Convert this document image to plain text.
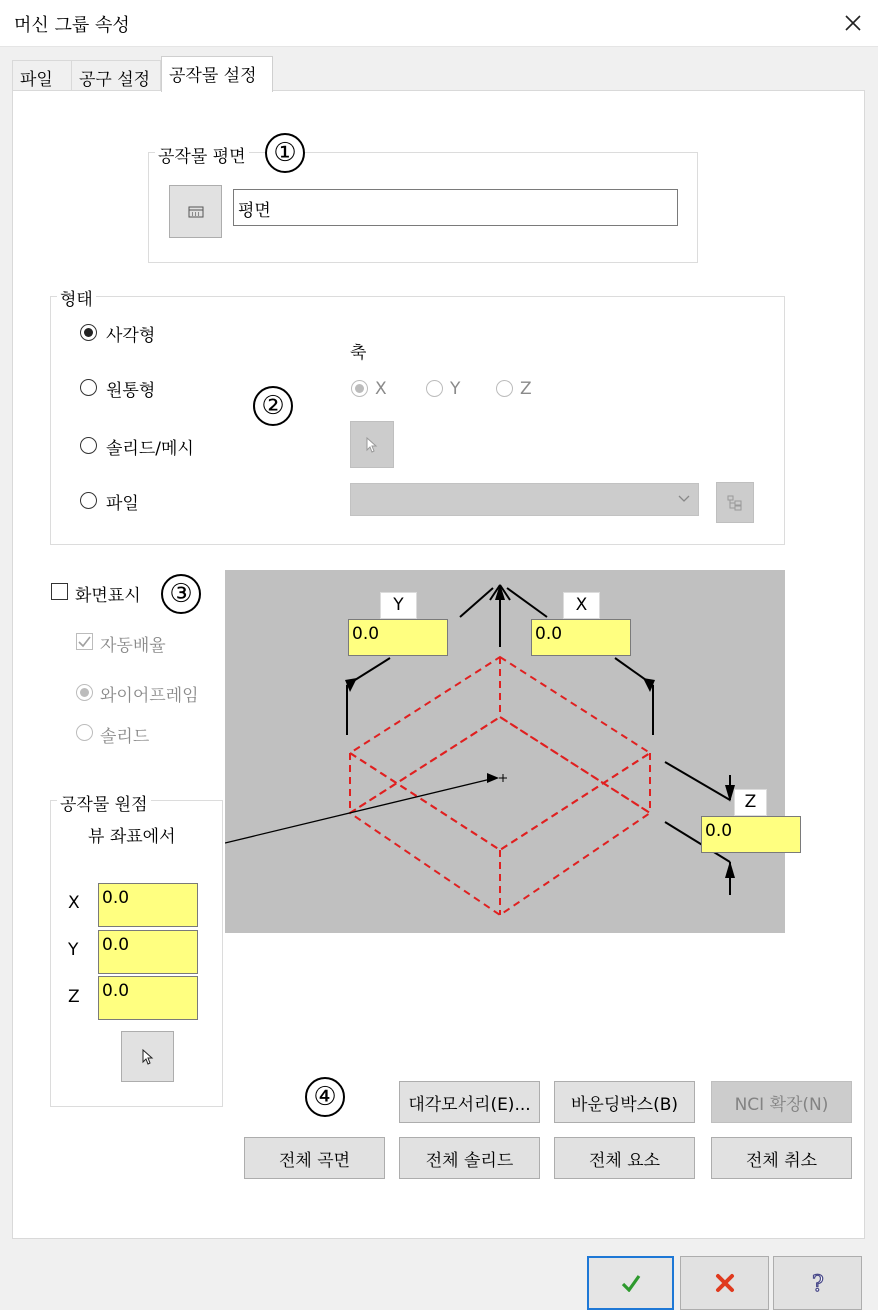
머신 그룹 속성
파일	공구 설정	공작물 설정
공작물 평면	①
평면
형태
②
사각형
원통형
솔리드/메시
파일
축
X	Y	Z
화면표시	③
자동배율
와이어프레임
솔리드
Y
0.0
X
0.0
Z
0.0
공작물 원점
뷰 좌표에서
X 0.0
Y 0.0
Z 0.0
④	대각모서리(E)...	바운딩박스(B)	NCI 확장(N)
전체 곡면	전체 솔리드	전체 요소	전체 취소
?
